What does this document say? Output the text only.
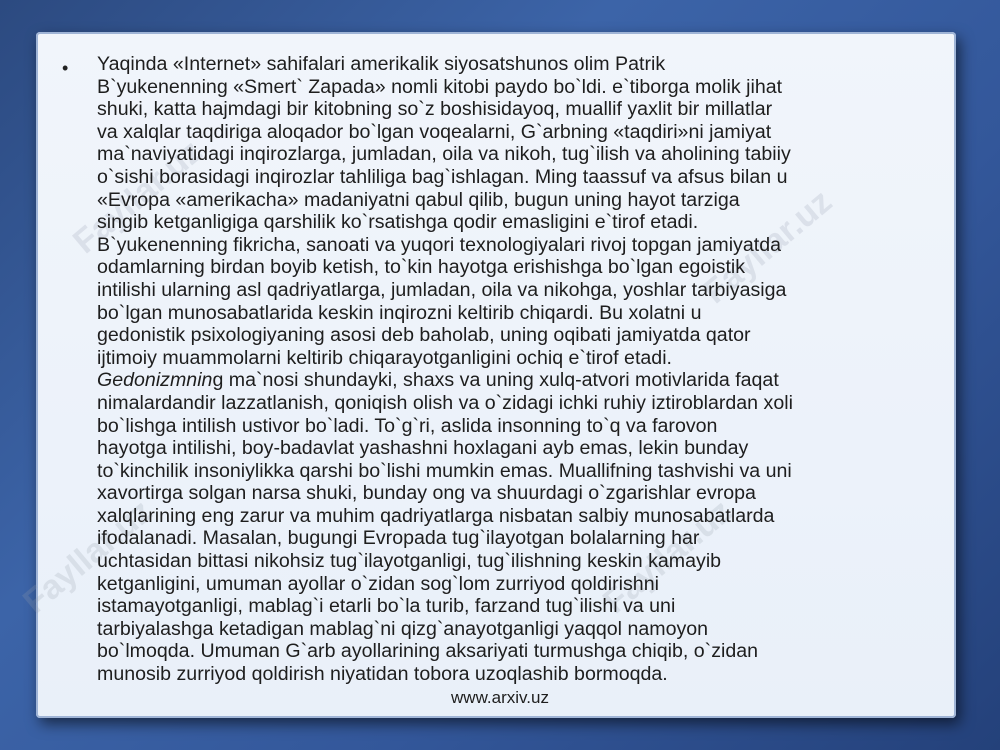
Fayllar.uz	Fayllar.uz
Fayllar.uz	Fayllar.uz
• Yaqinda «Internet» sahifalari amerikalik siyosatshunos olim Patrik
B`yukenenning «Smert` Zapada» nomli kitobi paydo bo`ldi. e`tiborga molik jihat
shuki, katta hajmdagi bir kitobning so`z boshisidayoq, muallif yaxlit bir millatlar
va xalqlar taqdiriga aloqador bo`lgan voqealarni, G`arbning «taqdiri»ni jamiyat
ma`naviyatidagi inqirozlarga, jumladan, oila va nikoh, tug`ilish va aholining tabiiy
o`sishi borasidagi inqirozlar tahliliga bag`ishlagan. Ming taassuf va afsus bilan u
«Evropa «amerikacha» madaniyatni qabul qilib, bugun uning hayot tarziga
singib ketganligiga qarshilik ko`rsatishga qodir emasligini e`tirof etadi.
B`yukenenning fikricha, sanoati va yuqori texnologiyalari rivoj topgan jamiyatda
odamlarning birdan boyib ketish, to`kin hayotga erishishga bo`lgan egoistik
intilishi ularning asl qadriyatlarga, jumladan, oila va nikohga, yoshlar tarbiyasiga
bo`lgan munosabatlarida keskin inqirozni keltirib chiqardi. Bu xolatni u
gedonistik psixologiyaning asosi deb baholab, uning oqibati jamiyatda qator
ijtimoiy muammolarni keltirib chiqarayotganligini ochiq e`tirof etadi.
Gedonizmning ma`nosi shundayki, shaxs va uning xulq-atvori motivlarida faqat
nimalardandir lazzatlanish, qoniqish olish va o`zidagi ichki ruhiy iztiroblardan xoli
bo`lishga intilish ustivor bo`ladi. To`g`ri, aslida insonning to`q va farovon
hayotga intilishi, boy-badavlat yashashni hoxlagani ayb emas, lekin bunday
to`kinchilik insoniylikka qarshi bo`lishi mumkin emas. Muallifning tashvishi va uni
xavortirga solgan narsa shuki, bunday ong va shuurdagi o`zgarishlar evropa
xalqlarining eng zarur va muhim qadriyatlarga nisbatan salbiy munosabatlarda
ifodalanadi. Masalan, bugungi Evropada tug`ilayotgan bolalarning har
uchtasidan bittasi nikohsiz tug`ilayotganligi, tug`ilishning keskin kamayib
ketganligini, umuman ayollar o`zidan sog`lom zurriyod qoldirishni
istamayotganligi, mablag`i etarli bo`la turib, farzand tug`ilishi va uni
tarbiyalashga ketadigan mablag`ni qizg`anayotganligi yaqqol namoyon
bo`lmoqda. Umuman G`arb ayollarining aksariyati turmushga chiqib, o`zidan
munosib zurriyod qoldirish niyatidan tobora uzoqlashib bormoqda.
www.arxiv.uz
